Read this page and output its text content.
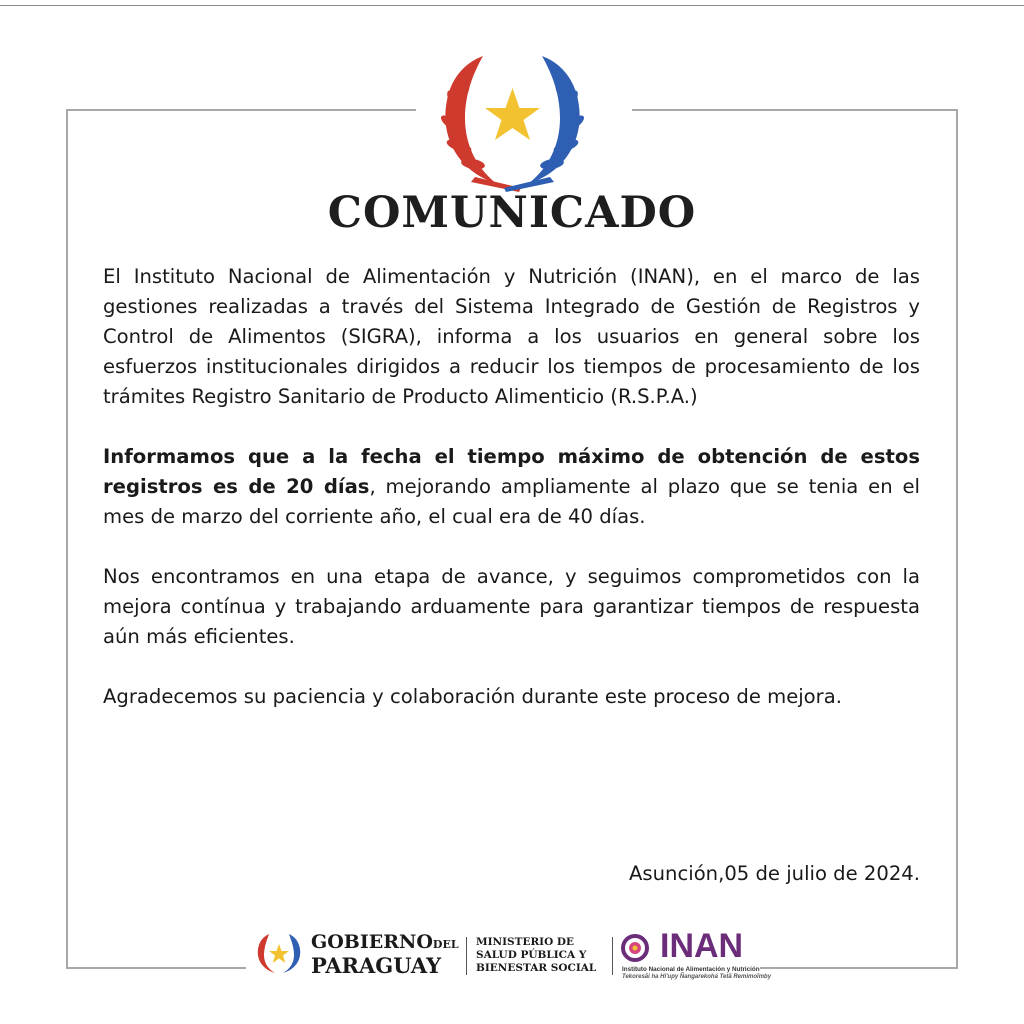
COMUNICADO

El Instituto Nacional de Alimentación y Nutrición (INAN), en el marco de las gestiones realizadas a través del Sistema Integrado de Gestión de Registros y Control de Alimentos (SIGRA), informa a los usuarios en general sobre los esfuerzos institucionales dirigidos a reducir los tiempos de procesamiento de los trámites Registro Sanitario de Producto Alimenticio (R.S.P.A.)

Informamos que a la fecha el tiempo máximo de obtención de estos registros es de 20 días, mejorando ampliamente al plazo que se tenia en el mes de marzo del corriente año, el cual era de 40 días.

Nos encontramos en una etapa de avance, y seguimos comprometidos con la mejora contínua y trabajando arduamente para garantizar tiempos de respuesta aún más eficientes.

Agradecemos su paciencia y colaboración durante este proceso de mejora.

Asunción,05 de julio de 2024.
GOBIERNODEL
PARAGUAY
MINISTERIO DE
SALUD PÚBLICA Y
BIENESTAR SOCIAL
INAN
Instituto Nacional de Alimentación y Nutrición
Tekoresãi ha Hi'upy Ñangarekohá Tetã Remimoĩmby
